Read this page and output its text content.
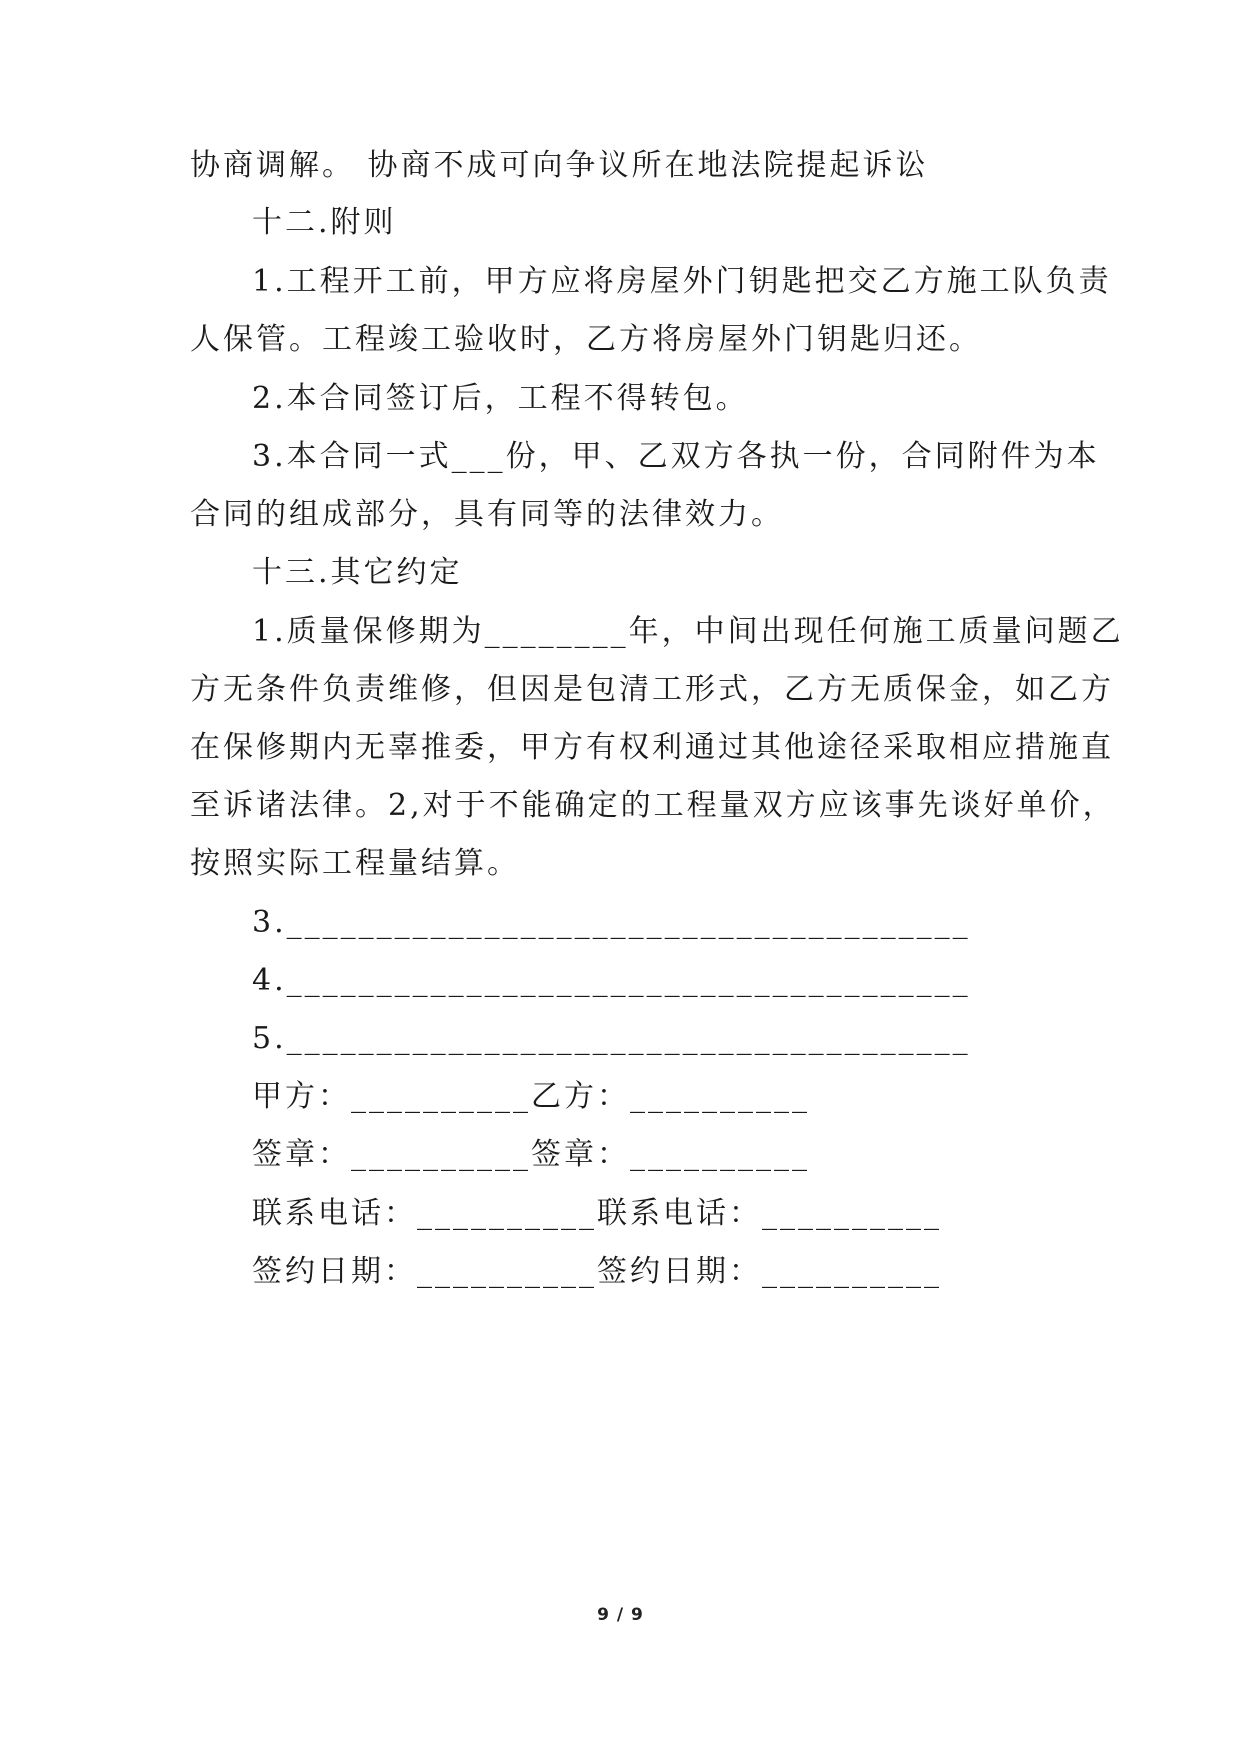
协商调解。 协商不成可向争议所在地法院提起诉讼
十二.附则
1.工程开工前，甲方应将房屋外门钥匙把交乙方施工队负责
人保管。工程竣工验收时，乙方将房屋外门钥匙归还。
2.本合同签订后，工程不得转包。
3.本合同一式___份，甲、乙双方各执一份，合同附件为本
合同的组成部分，具有同等的法律效力。
十三.其它约定
1.质量保修期为________年，中间出现任何施工质量问题乙
方无条件负责维修，但因是包清工形式，乙方无质保金，如乙方
在保修期内无辜推委，甲方有权利通过其他途径采取相应措施直
至诉诸法律。2,对于不能确定的工程量双方应该事先谈好单价，
按照实际工程量结算。
3.______________________________________
4.______________________________________
5.______________________________________
甲方：__________乙方：__________
签章：__________签章：__________
联系电话：__________联系电话：__________
签约日期：__________签约日期：__________
9 / 9
